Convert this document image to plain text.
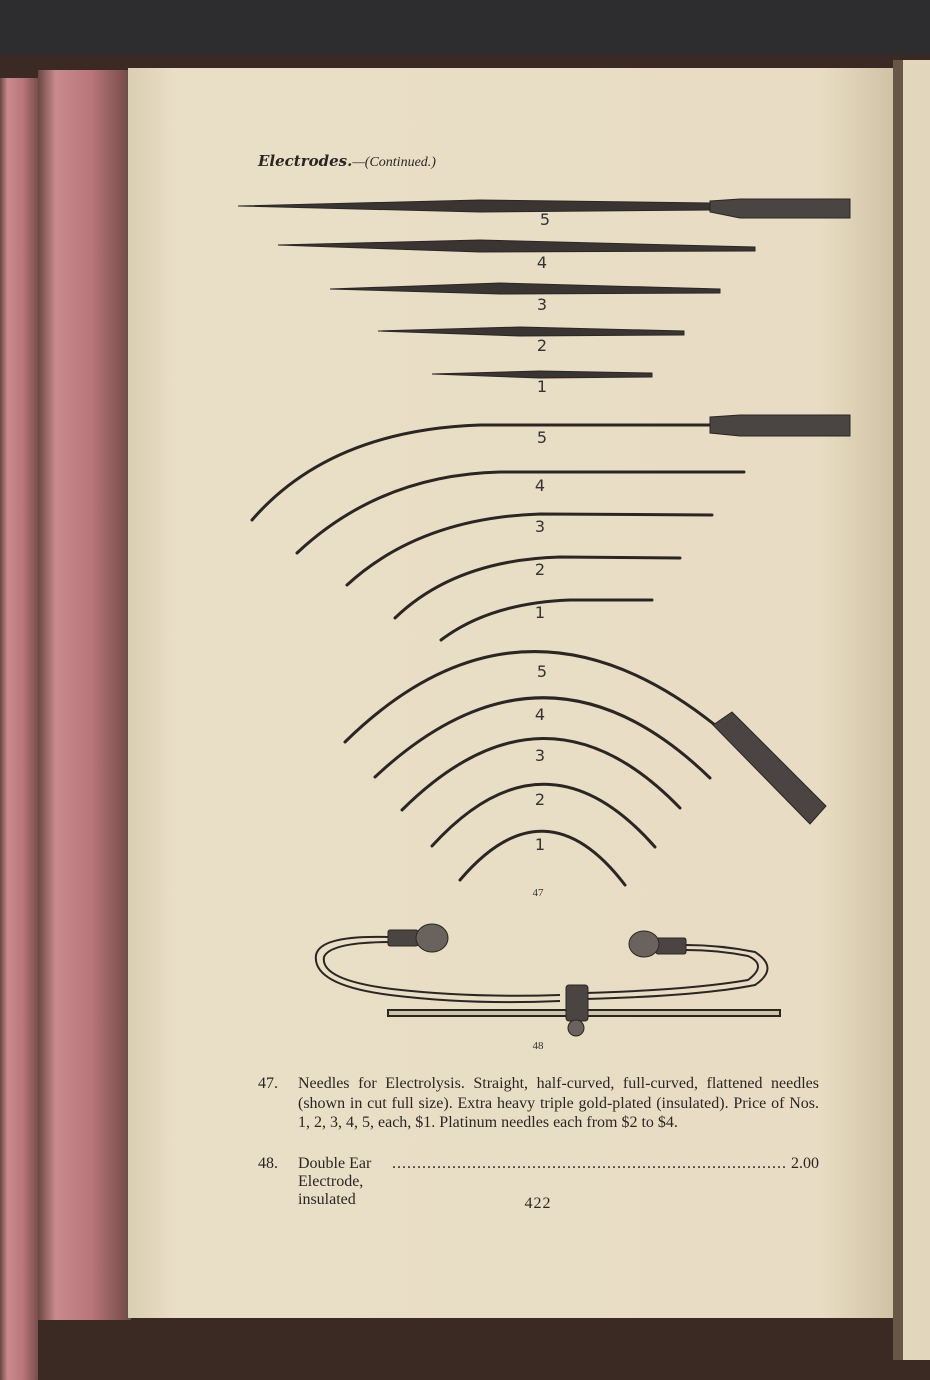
Electrodes.—(Continued.)
5
4
3
2
1
5
4
3
2
1
5
4
3
2
1
47
48
47.	Needles for Electrolysis. Straight, half-curved, full-curved, flattened needles (shown in cut full size). Extra heavy triple gold-plated (insulated). Price of Nos. 1, 2, 3, 4, 5, each, $1. Platinum needles each from $2 to $4.
48.	Double Ear Electrode, insulated
............................................................................... 2.00
422
